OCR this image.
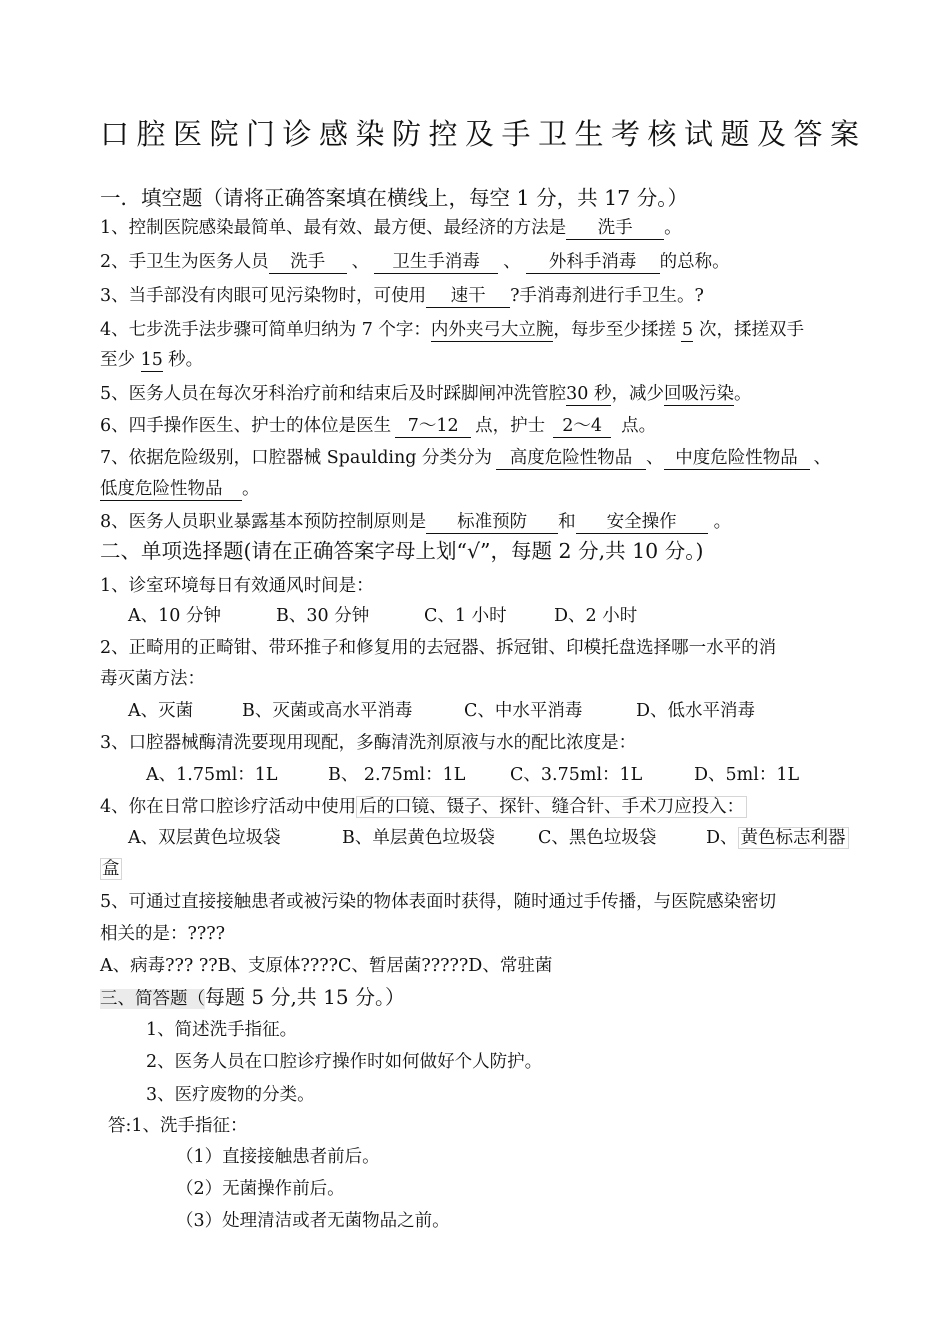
口腔医院门诊感染防控及手卫生考核试题及答案
一．填空题（请将正确答案填在横线上，每空 1 分，共 17 分。）
1、控制医院感染最简单、最有效、最方便、最经济的方法是 洗手 。
2、手卫生为医务人员 洗手 、 卫生手消毒 、 外科手消毒 的总称。
3、当手部没有肉眼可见污染物时，可使用 速干 ?手消毒剂进行手卫生。?
4、七步洗手法步骤可简单归纳为 7 个字：内外夹弓大立腕，每步至少揉搓 5 次，揉搓双手
至少 15 秒。
5、医务人员在每次牙科治疗前和结束后及时踩脚闸冲洗管腔30 秒，减少回吸污染。
6、四手操作医生、护士的体位是医生 7～12 点，护士 2～4 点。
7、依据危险级别，口腔器械 Spaulding 分类分为 高度危险性物品 、 中度危险性物品 、
低度危险性物品 。
8、医务人员职业暴露基本预防控制原则是 标准预防 和 安全操作 。
二、单项选择题(请在正确答案字母上划“√”，每题 2 分,共 10 分。)
1、诊室环境每日有效通风时间是：
A、10 分钟	B、30 分钟	C、1 小时	D、2 小时
2、正畸用的正畸钳、带环推子和修复用的去冠器、拆冠钳、印模托盘选择哪一水平的消
毒灭菌方法：
A、灭菌	B、灭菌或高水平消毒	C、中水平消毒	D、低水平消毒
3、口腔器械酶清洗要现用现配，多酶清洗剂原液与水的配比浓度是：
A、1.75ml：1L	B、 2.75ml：1L	C、3.75ml：1L	D、5ml：1L
4、你在日常口腔诊疗活动中使用 后的口镜、镊子、探针、缝合针、手术刀应投入：
A、双层黄色垃圾袋	B、单层黄色垃圾袋 C、黑色垃圾袋	D、 黄色标志利器
盒
5、可通过直接接触患者或被污染的物体表面时获得，随时通过手传播，与医院感染密切
相关的是：????
A、病毒??? ??B、支原体????C、暂居菌?????D、常驻菌
三、简答题（每题 5 分,共 15 分。）
1、简述洗手指征。
2、医务人员在口腔诊疗操作时如何做好个人防护。
3、医疗废物的分类。
答:1、洗手指征：
（1）直接接触患者前后。
（2）无菌操作前后。
（3）处理清洁或者无菌物品之前。
